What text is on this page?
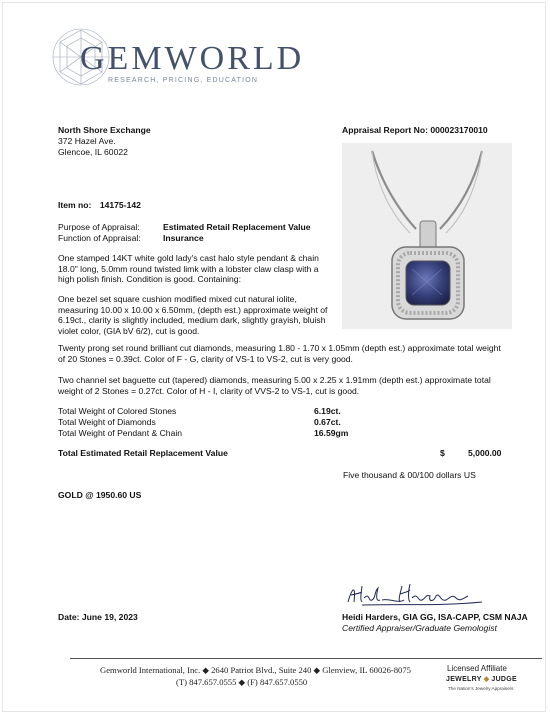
GEMWORLD
RESEARCH, PRICING, EDUCATION
North Shore Exchange
372 Hazel Ave.
Glencoe, IL 60022
Appraisal Report No: 000023170010
Item no: 14175-142
Purpose of Appraisal:	Estimated Retail Replacement Value
Function of Appraisal:	Insurance
One stamped 14KT white gold lady's cast halo style pendant & chain 18.0" long, 5.0mm round twisted limk with a lobster claw clasp with a high polish finish. Condition is good. Containing:
One bezel set square cushion modified mixed cut natural iolite, measuring 10.00 x 10.00 x 6.50mm, (depth est.) approximate weight of 6.19ct., clarity is slightly included, medium dark, slightly grayish, bluish violet color, (GIA bV 6/2), cut is good.
Twenty prong set round brilliant cut diamonds, measuring 1.80 - 1.70 x 1.05mm (depth est.) approximate total weight of 20 Stones = 0.39ct. Color of F - G, clarity of VS-1 to VS-2, cut is very good.
Two channel set baguette cut (tapered) diamonds, measuring 5.00 x 2.25 x 1.91mm (depth est.) approximate total weight of 2 Stones = 0.27ct. Color of H - I, clarity of VVS-2 to VS-1, cut is good.
Total Weight of Colored Stones	6.19ct.
Total Weight of Diamonds	0.67ct.
Total Weight of Pendant & Chain	16.59gm
Total Estimated Retail Replacement Value	$	5,000.00
Five thousand & 00/100 dollars US
GOLD @ 1950.60 US
Date: June 19, 2023	Heidi Harders, GIA GG, ISA-CAPP, CSM NAJA
Certified Appraiser/Graduate Gemologist
Gemworld International, Inc. ◆ 2640 Patriot Blvd., Suite 240 ◆ Glenview, IL 60026-8075
(T) 847.657.0555 ◆ (F) 847.657.0550
Licensed Affiliate
JEWELRY ◆ JUDGE
The Nation's Jewelry Appraisers
